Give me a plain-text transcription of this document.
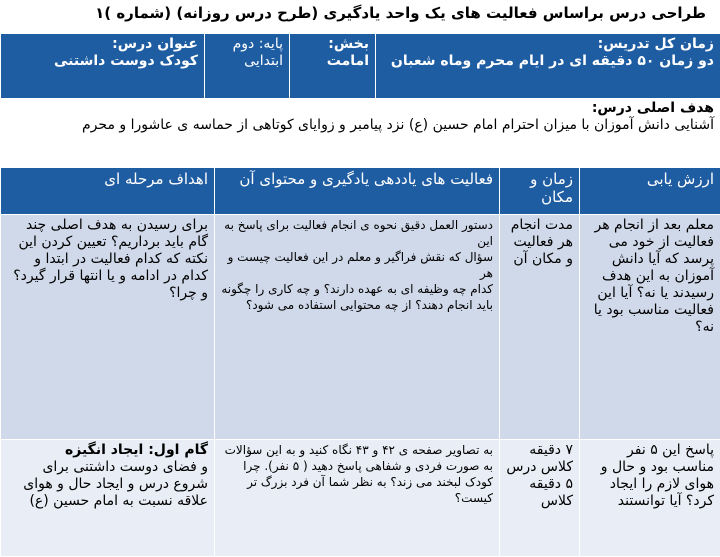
طراحی درس براساس فعالیت های یک واحد یادگیری (طرح درس روزانه) (شماره )۱
زمان کل تدریس:
دو زمان ۵۰ دقیقه ای در ایام محرم وماه شعبان
	بخش: امامت	پایه: دوم ابتدایی	
عنوان درس:
کودک دوست داشتنی
هدف اصلی درس:
آشنایی دانش آموزان با میزان احترام امام حسین (ع) نزد پیامبر و زوایای کوتاهی از حماسه ی عاشورا و محرم
ارزش یابی	زمان و مکان	فعالیت های یاددهی یادگیری و محتوای آن	اهداف مرحله ای
معلم بعد از انجام هر فعالیت از خود می پرسد که آیا دانش آموزان به این هدف رسیدند یا نه؟ آیا این فعالیت مناسب بود یا نه؟	مدت انجام هر فعالیت و مکان آن	دستور العمل دقیق نحوه ی انجام فعالیت برای پاسخ به این
سؤال که نقش فراگیر و معلم در این فعالیت چیست و هر
کدام چه وظیفه ای به عهده دارند؟ و چه کاری را چگونه
باید انجام دهند؟ از چه محتوایی استفاده می شود؟	برای رسیدن به هدف اصلی چند گام باید برداریم؟ تعیین کردن این نکته که کدام فعالیت در ابتدا و کدام در ادامه و یا انتها قرار گیرد؟ و چرا؟
پاسخ این ۵ نفر مناسب بود و حال و هوای لازم را ایجاد کرد؟ آیا توانستند	۷ دقیقه کلاس درس ۵ دقیقه کلاس	به تصاویر صفحه ی ۴۲ و ۴۳ نگاه کنید و به این سؤالات
به صورت فردی و شفاهی پاسخ دهید ( ۵ نفر). چرا
کودک لبخند می زند؟ به نظر شما آن فرد بزرگ تر کیست؟	گام اول: ایجاد انگیزه
و فضای دوست داشتنی برای شروع درس و ایجاد حال و هوای علاقه نسبت به امام حسین (ع)
